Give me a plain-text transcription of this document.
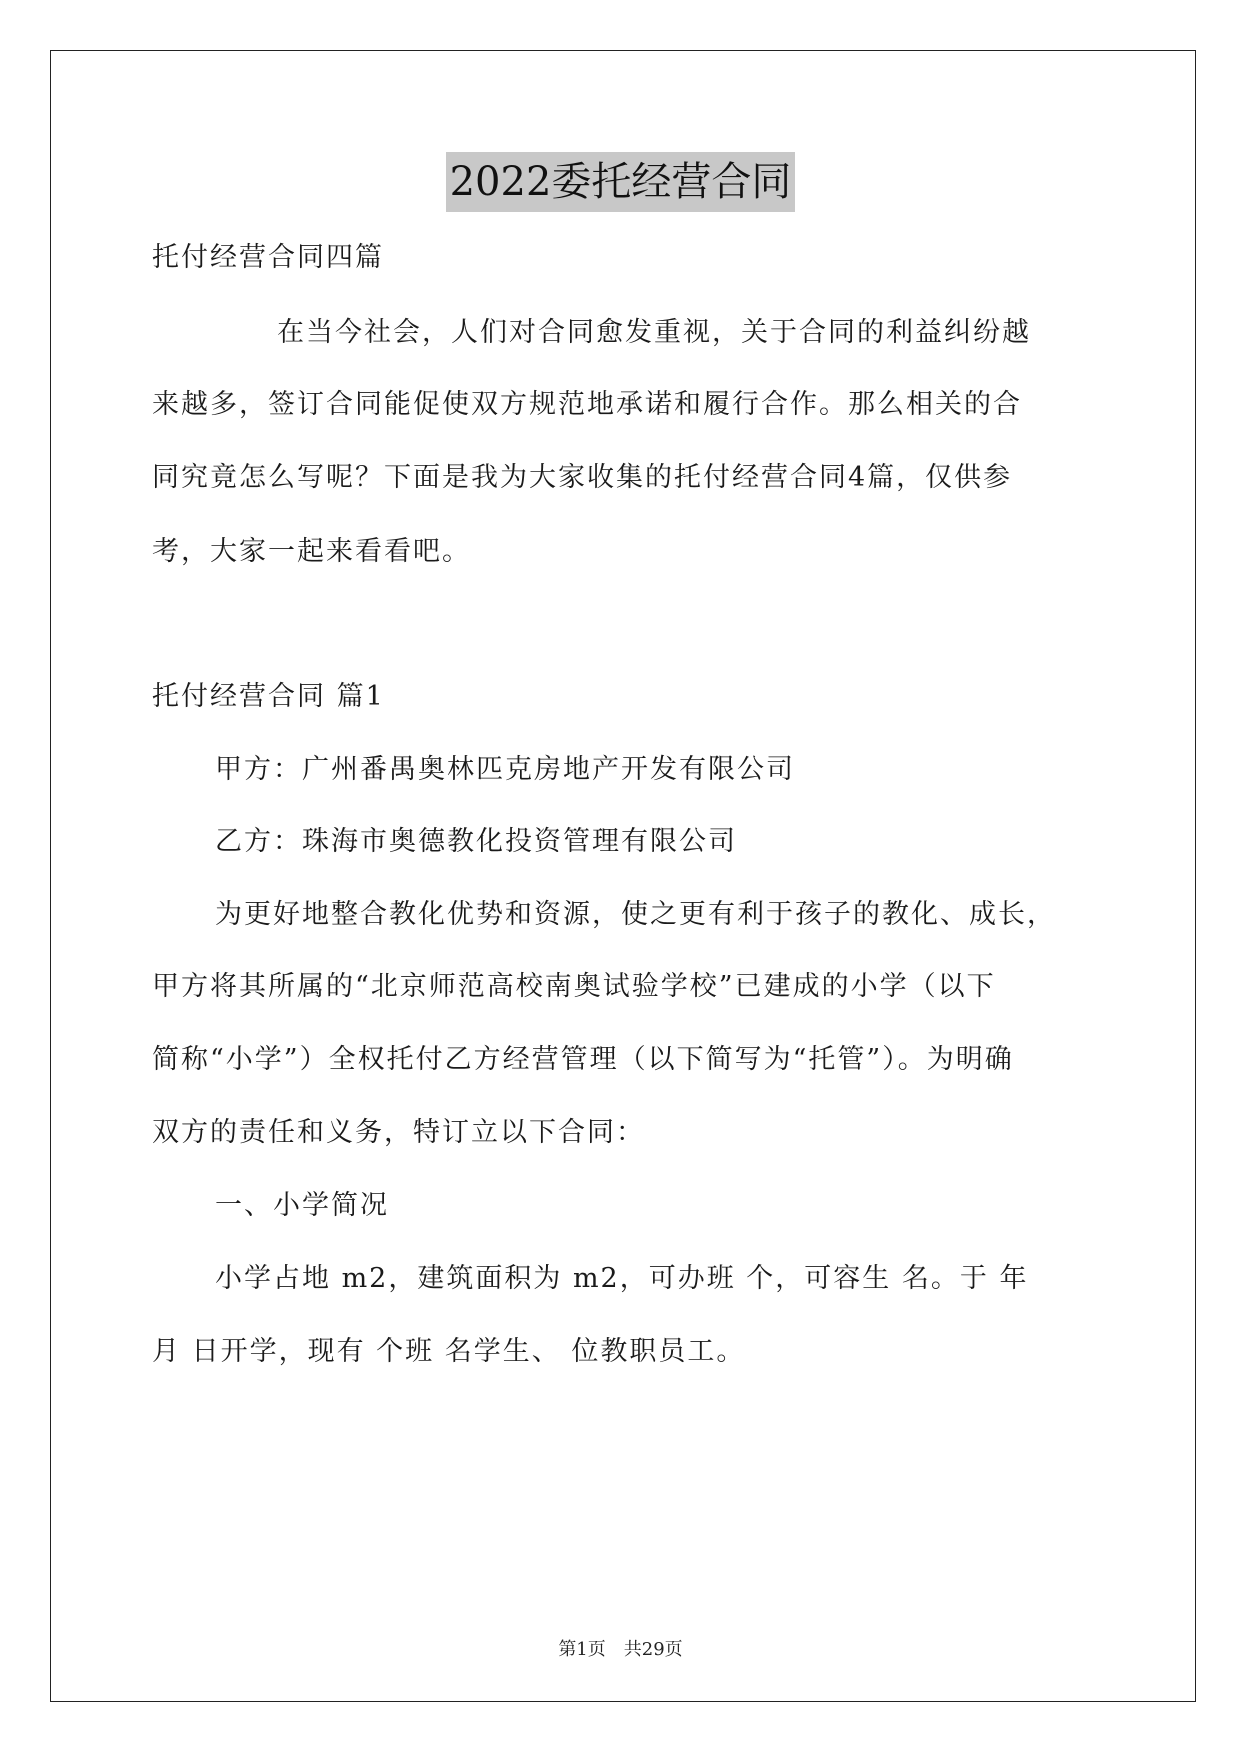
2022委托经营合同
托付经营合同四篇
在当今社会，人们对合同愈发重视，关于合同的利益纠纷越
来越多，签订合同能促使双方规范地承诺和履行合作。那么相关的合
同究竟怎么写呢？下面是我为大家收集的托付经营合同4篇，仅供参
考，大家一起来看看吧。
托付经营合同 篇1
甲方：广州番禺奥林匹克房地产开发有限公司
乙方：珠海市奥德教化投资管理有限公司
为更好地整合教化优势和资源，使之更有利于孩子的教化、成长，
甲方将其所属的“北京师范高校南奥试验学校”已建成的小学（以下
简称“小学”）全权托付乙方经营管理（以下简写为“托管”）。为明确
双方的责任和义务，特订立以下合同：
一、小学简况
小学占地 m2，建筑面积为 m2，可办班 个，可容生 名。于 年
月 日开学，现有 个班 名学生、 位教职员工。
第1页　共29页
